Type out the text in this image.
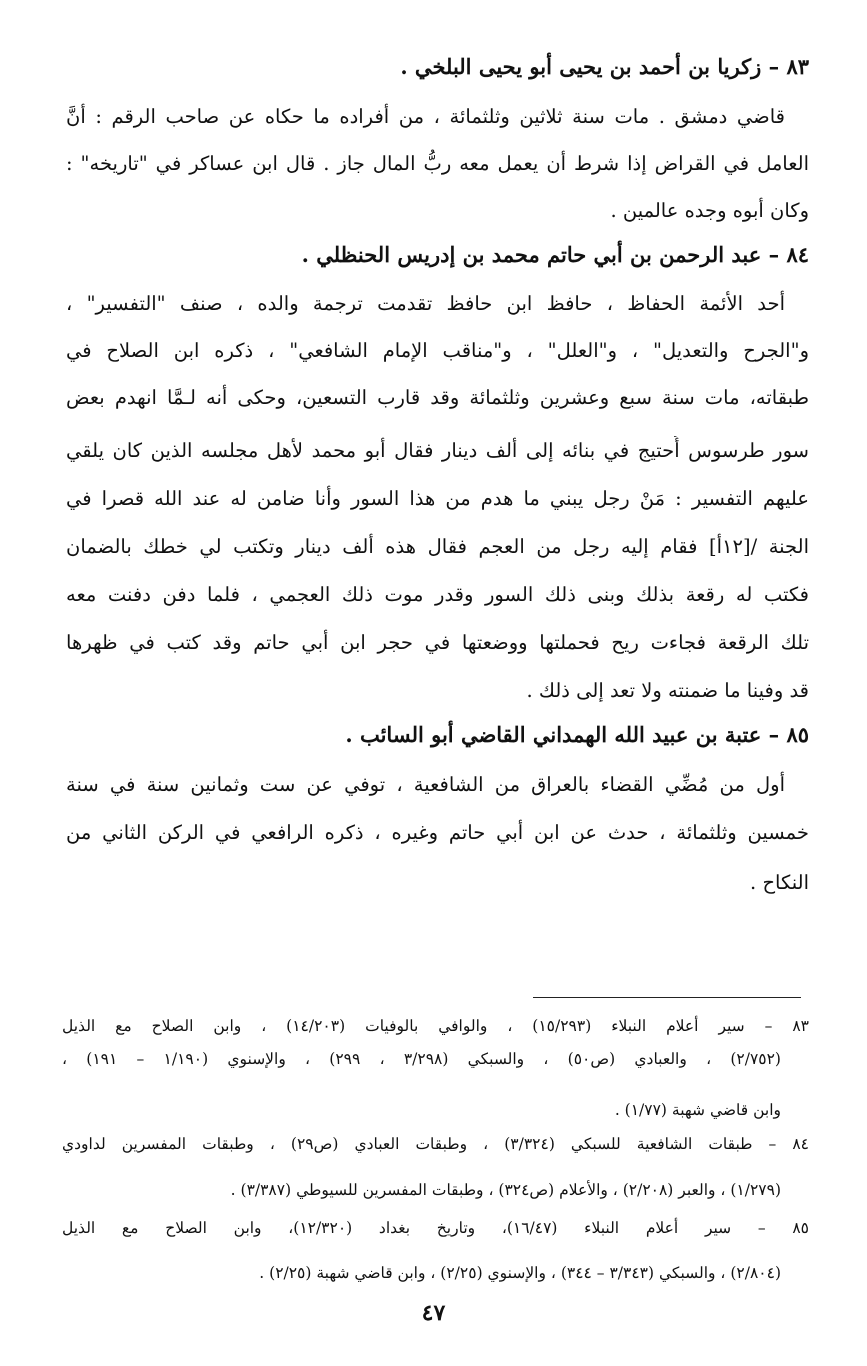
٨٣ – زكريا بن أحمد بن يحيى أبو يحيى البلخي .
قاضي دمشق . مات سنة ثلاثين وثلثمائة ، من أفراده ما حكاه عن صاحب الرقم : أنَّ
العامل في القراض إذا شرط أن يعمل معه ربُّ المال جاز . قال ابن عساكر في "تاريخه" :
وكان أبوه وجده عالمين .
٨٤ – عبد الرحمن بن أبي حاتم محمد بن إدريس الحنظلي .
أحد الأئمة الحفاظ ، حافظ ابن حافظ تقدمت ترجمة والده ، صنف "التفسير" ،
و"الجرح والتعديل" ، و"العلل" ، و"مناقب الإمام الشافعي" ، ذكره ابن الصلاح في
طبقاته، مات سنة سبع وعشرين وثلثمائة وقد قارب التسعين، وحكى أنه لـمَّا انهدم بعض
سور طرسوس أُحتيج في بنائه إلى ألف دينار فقال أبو محمد لأهل مجلسه الذين كان يلقي
عليهم التفسير : مَنْ رجل يبني ما هدم من هذا السور وأنا ضامن له عند الله قصرا في
الجنة /[١٢أ] فقام إليه رجل من العجم فقال هذه ألف دينار وتكتب لي خطك بالضمان
فكتب له رقعة بذلك وبنى ذلك السور وقدر موت ذلك العجمي ، فلما دفن دفنت معه
تلك الرقعة فجاءت ريح فحملتها ووضعتها في حجر ابن أبي حاتم وقد كتب في ظهرها
قد وفينا ما ضمنته ولا تعد إلى ذلك .
٨٥ – عتبة بن عبيد الله الهمداني القاضي أبو السائب .
أول من مُضِّي القضاء بالعراق من الشافعية ، توفي عن ست وثمانين سنة في سنة
خمسين وثلثمائة ، حدث عن ابن أبي حاتم وغيره ، ذكره الرافعي في الركن الثاني من
النكاح .
٨٣ – سير أعلام النبلاء (١٥/٢٩٣) ، والوافي بالوفيات (١٤/٢٠٣) ، وابن الصلاح مع الذيل
(٢/٧٥٢) ، والعبادي (ص٥٠) ، والسبكي (٣/٢٩٨ ، ٢٩٩) ، والإسنوي (١/١٩٠ – ١٩١) ،
وابن قاضي شهبة (١/٧٧) .
٨٤ – طبقات الشافعية للسبكي (٣/٣٢٤) ، وطبقات العبادي (ص٢٩) ، وطبقات المفسرين لداودي
(١/٢٧٩) ، والعبر (٢/٢٠٨) ، والأعلام (ص٣٢٤) ، وطبقات المفسرين للسيوطي (٣/٣٨٧) .
٨٥ – سير أعلام النبلاء (١٦/٤٧)، وتاريخ بغداد (١٢/٣٢٠)، وابن الصلاح مع الذيل
(٢/٨٠٤) ، والسبكي (٣/٣٤٣ – ٣٤٤) ، والإسنوي (٢/٢٥) ، وابن قاضي شهبة (٢/٢٥) .
٤٧
